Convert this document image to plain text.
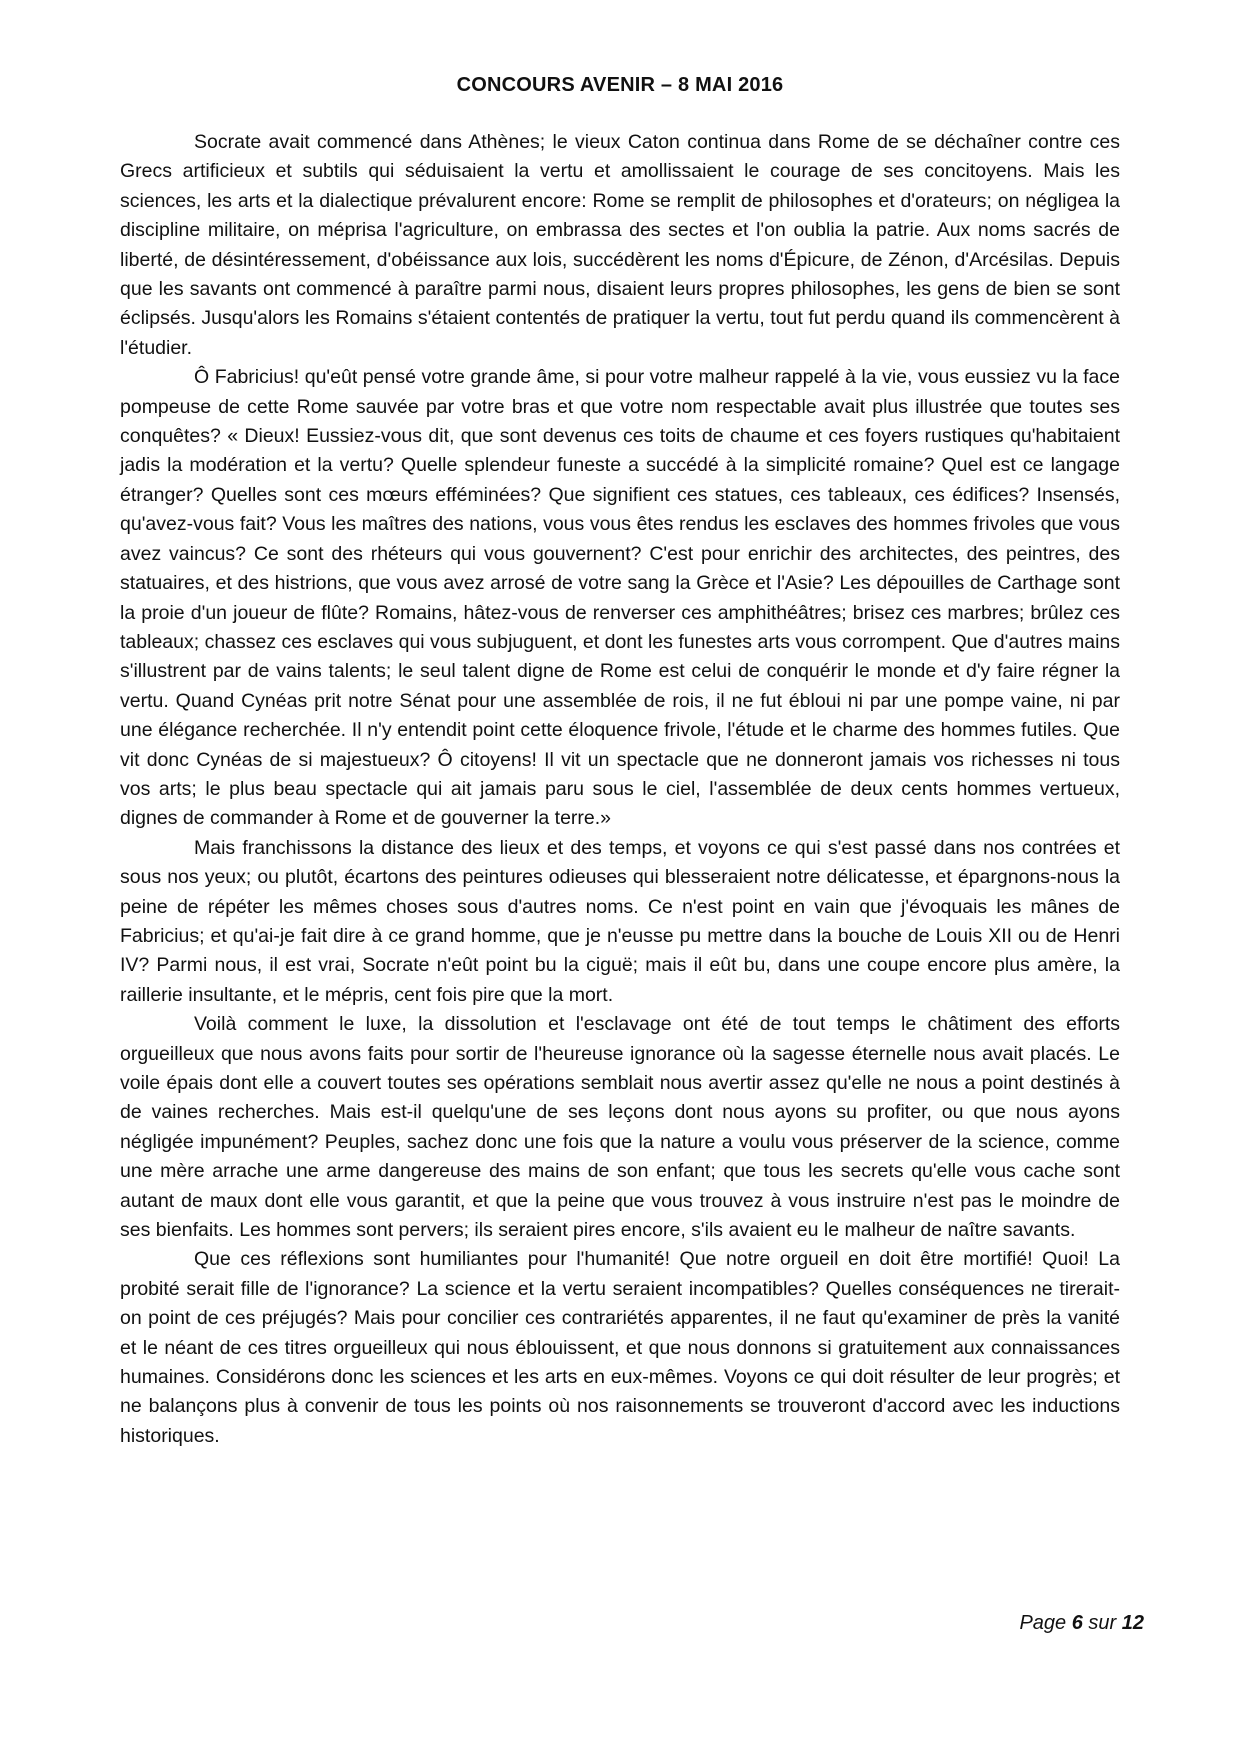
CONCOURS AVENIR – 8 MAI 2016

Socrate avait commencé dans Athènes; le vieux Caton continua dans Rome de se déchaîner contre ces Grecs artificieux et subtils qui séduisaient la vertu et amollissaient le courage de ses concitoyens. Mais les sciences, les arts et la dialectique prévalurent encore: Rome se remplit de philosophes et d'orateurs; on négligea la discipline militaire, on méprisa l'agriculture, on embrassa des sectes et l'on oublia la patrie. Aux noms sacrés de liberté, de désintéressement, d'obéissance aux lois, succédèrent les noms d'Épicure, de Zénon, d'Arcésilas. Depuis que les savants ont commencé à paraître parmi nous, disaient leurs propres philosophes, les gens de bien se sont éclipsés. Jusqu'alors les Romains s'étaient contentés de pratiquer la vertu, tout fut perdu quand ils commencèrent à l'étudier.

Ô Fabricius! qu'eût pensé votre grande âme, si pour votre malheur rappelé à la vie, vous eussiez vu la face pompeuse de cette Rome sauvée par votre bras et que votre nom respectable avait plus illustrée que toutes ses conquêtes? « Dieux! Eussiez-vous dit, que sont devenus ces toits de chaume et ces foyers rustiques qu'habitaient jadis la modération et la vertu? Quelle splendeur funeste a succédé à la simplicité romaine? Quel est ce langage étranger? Quelles sont ces mœurs efféminées? Que signifient ces statues, ces tableaux, ces édifices? Insensés, qu'avez-vous fait? Vous les maîtres des nations, vous vous êtes rendus les esclaves des hommes frivoles que vous avez vaincus? Ce sont des rhéteurs qui vous gouvernent? C'est pour enrichir des architectes, des peintres, des statuaires, et des histrions, que vous avez arrosé de votre sang la Grèce et l'Asie? Les dépouilles de Carthage sont la proie d'un joueur de flûte? Romains, hâtez-vous de renverser ces amphithéâtres; brisez ces marbres; brûlez ces tableaux; chassez ces esclaves qui vous subjuguent, et dont les funestes arts vous corrompent. Que d'autres mains s'illustrent par de vains talents; le seul talent digne de Rome est celui de conquérir le monde et d'y faire régner la vertu. Quand Cynéas prit notre Sénat pour une assemblée de rois, il ne fut ébloui ni par une pompe vaine, ni par une élégance recherchée. Il n'y entendit point cette éloquence frivole, l'étude et le charme des hommes futiles. Que vit donc Cynéas de si majestueux? Ô citoyens! Il vit un spectacle que ne donneront jamais vos richesses ni tous vos arts; le plus beau spectacle qui ait jamais paru sous le ciel, l'assemblée de deux cents hommes vertueux, dignes de commander à Rome et de gouverner la terre.»

Mais franchissons la distance des lieux et des temps, et voyons ce qui s'est passé dans nos contrées et sous nos yeux; ou plutôt, écartons des peintures odieuses qui blesseraient notre délicatesse, et épargnons-nous la peine de répéter les mêmes choses sous d'autres noms. Ce n'est point en vain que j'évoquais les mânes de Fabricius; et qu'ai-je fait dire à ce grand homme, que je n'eusse pu mettre dans la bouche de Louis XII ou de Henri IV? Parmi nous, il est vrai, Socrate n'eût point bu la ciguë; mais il eût bu, dans une coupe encore plus amère, la raillerie insultante, et le mépris, cent fois pire que la mort.

Voilà comment le luxe, la dissolution et l'esclavage ont été de tout temps le châtiment des efforts orgueilleux que nous avons faits pour sortir de l'heureuse ignorance où la sagesse éternelle nous avait placés. Le voile épais dont elle a couvert toutes ses opérations semblait nous avertir assez qu'elle ne nous a point destinés à de vaines recherches. Mais est-il quelqu'une de ses leçons dont nous ayons su profiter, ou que nous ayons négligée impunément? Peuples, sachez donc une fois que la nature a voulu vous préserver de la science, comme une mère arrache une arme dangereuse des mains de son enfant; que tous les secrets qu'elle vous cache sont autant de maux dont elle vous garantit, et que la peine que vous trouvez à vous instruire n'est pas le moindre de ses bienfaits. Les hommes sont pervers; ils seraient pires encore, s'ils avaient eu le malheur de naître savants.

Que ces réflexions sont humiliantes pour l'humanité! Que notre orgueil en doit être mortifié! Quoi! La probité serait fille de l'ignorance? La science et la vertu seraient incompatibles? Quelles conséquences ne tirerait-on point de ces préjugés? Mais pour concilier ces contrariétés apparentes, il ne faut qu'examiner de près la vanité et le néant de ces titres orgueilleux qui nous éblouissent, et que nous donnons si gratuitement aux connaissances humaines. Considérons donc les sciences et les arts en eux-mêmes. Voyons ce qui doit résulter de leur progrès; et ne balançons plus à convenir de tous les points où nos raisonnements se trouveront d'accord avec les inductions historiques.

Page 6 sur 12
